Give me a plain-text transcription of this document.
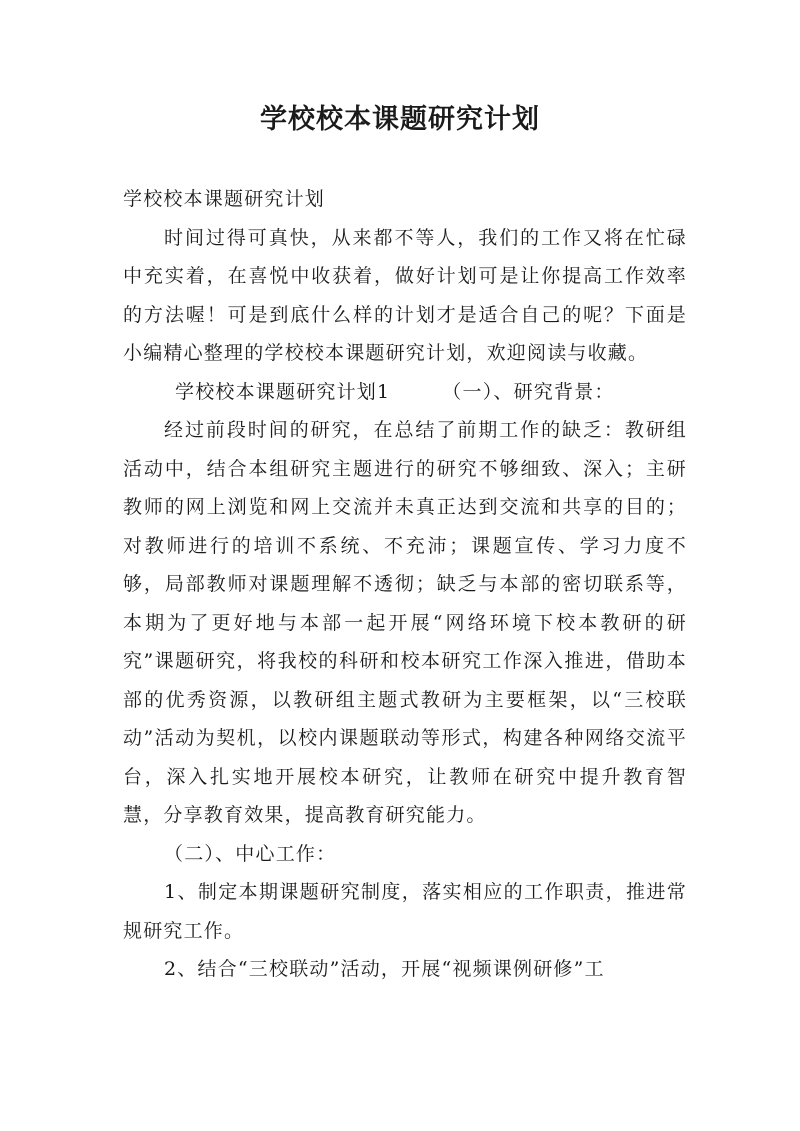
学校校本课题研究计划

学校校本课题研究计划

时间过得可真快，从来都不等人，我们的工作又将在忙碌中充实着，在喜悦中收获着，做好计划可是让你提高工作效率的方法喔！可是到底什么样的计划才是适合自己的呢？下面是小编精心整理的学校校本课题研究计划，欢迎阅读与收藏。

学校校本课题研究计划1	（一）、研究背景：

经过前段时间的研究，在总结了前期工作的缺乏：教研组活动中，结合本组研究主题进行的研究不够细致、深入；主研教师的网上浏览和网上交流并未真正达到交流和共享的目的；对教师进行的培训不系统、不充沛；课题宣传、学习力度不够，局部教师对课题理解不透彻；缺乏与本部的密切联系等，本期为了更好地与本部一起开展“网络环境下校本教研的研究”课题研究，将我校的科研和校本研究工作深入推进，借助本部的优秀资源，以教研组主题式教研为主要框架，以“三校联动”活动为契机，以校内课题联动等形式，构建各种网络交流平台，深入扎实地开展校本研究，让教师在研究中提升教育智慧，分享教育效果，提高教育研究能力。

（二）、中心工作：

1、制定本期课题研究制度，落实相应的工作职责，推进常规研究工作。

2、结合“三校联动”活动，开展“视频课例研修”工
